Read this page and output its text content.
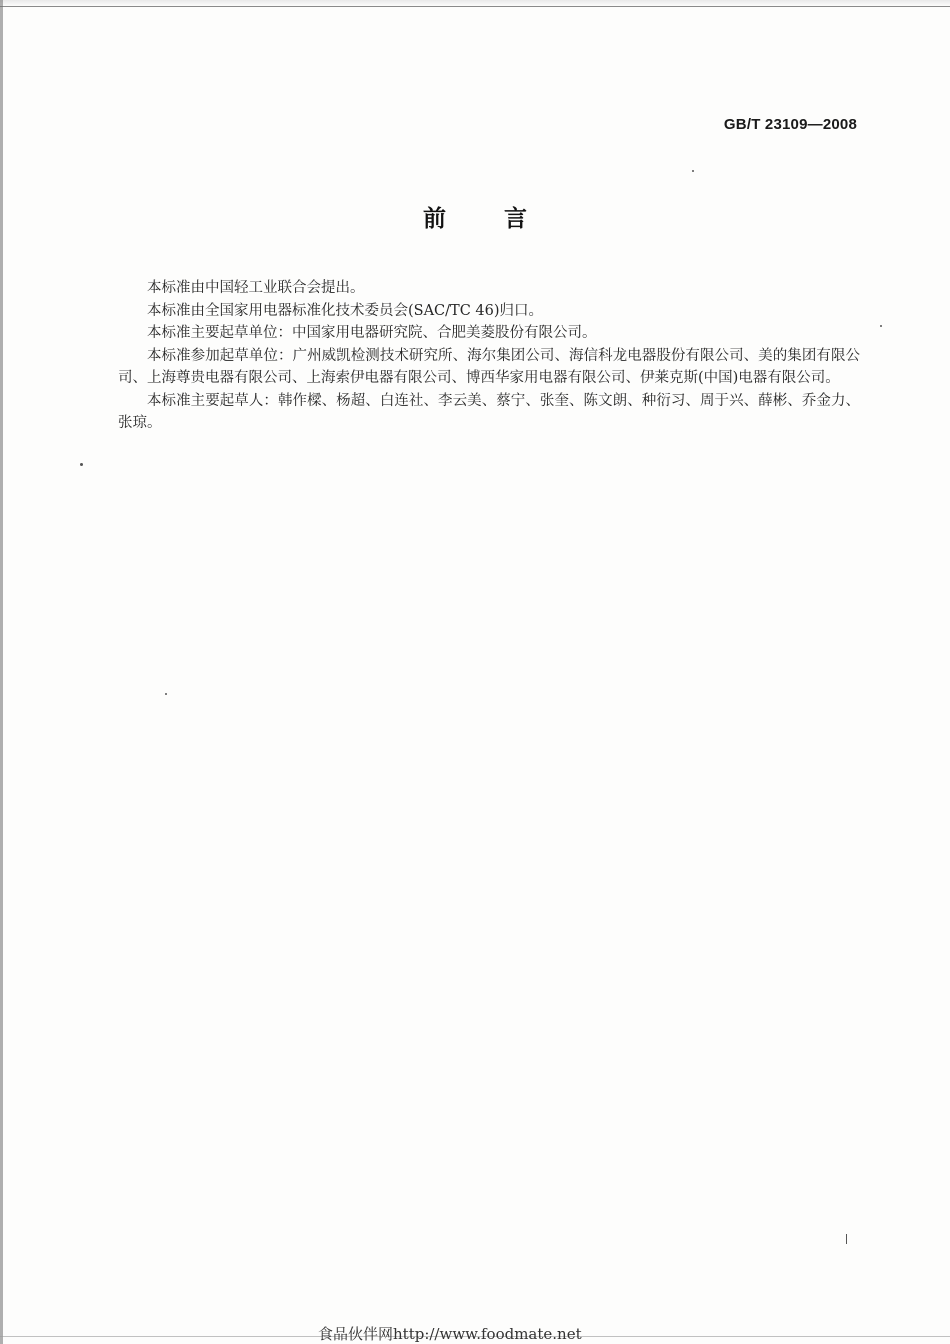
GB/T 23109—2008
前言

本标准由中国轻工业联合会提出。

本标准由全国家用电器标准化技术委员会(SAC/TC 46)归口。

本标准主要起草单位：中国家用电器研究院、合肥美菱股份有限公司。

本标准参加起草单位：广州威凯检测技术研究所、海尔集团公司、海信科龙电器股份有限公司、美的集团有限公司、上海尊贵电器有限公司、上海索伊电器有限公司、博西华家用电器有限公司、伊莱克斯(中国)电器有限公司。

本标准主要起草人：韩作樑、杨超、白连社、李云美、蔡宁、张奎、陈文朗、种衍习、周于兴、薛彬、乔金力、张琼。

食品伙伴网http://www.foodmate.net
